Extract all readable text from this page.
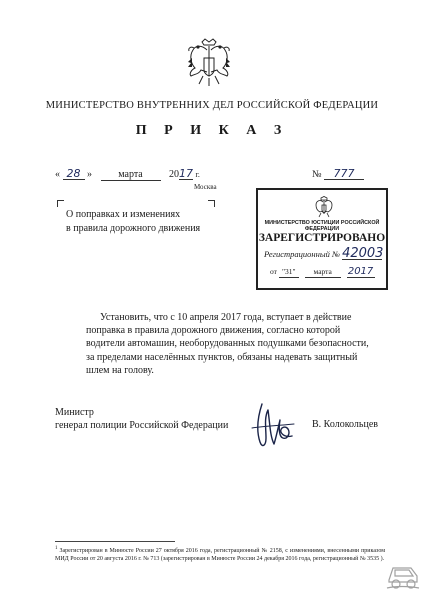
МИНИСТЕРСТВО ВНУТРЕННИХ ДЕЛ РОССИЙСКОЙ ФЕДЕРАЦИИ
П Р И К А З
« 28 »	марта	2017 г.
Москва
№ 777
О поправках и изменениях
в правила дорожного движения	МИНИСТЕРСТВО ЮСТИЦИИ РОССИЙСКОЙ ФЕДЕРАЦИИ
ЗАРЕГИСТРИРОВАНО
Регистрационный № 42003
от "31" марта 2017
Установить, что с 10 апреля 2017 года, вступает в действие поправка в правила дорожного движения, согласно которой водители автомашин, необорудованных подушками безопасности, за пределами населённых пунктов, обязаны надевать защитный шлем на голову.
Министр
генерал полиции Российской Федерации	В. Колокольцев
$^1$ Зарегистрирован в Минюсте России 27 октября 2016 года, регистрационный № 2158, с изменениями, внесенными приказом МИД России от 20 августа 2016 г. № 713 (зарегистрирован в Минюсте России 24 декабря 2016 года, регистрационный № 3535 ).
